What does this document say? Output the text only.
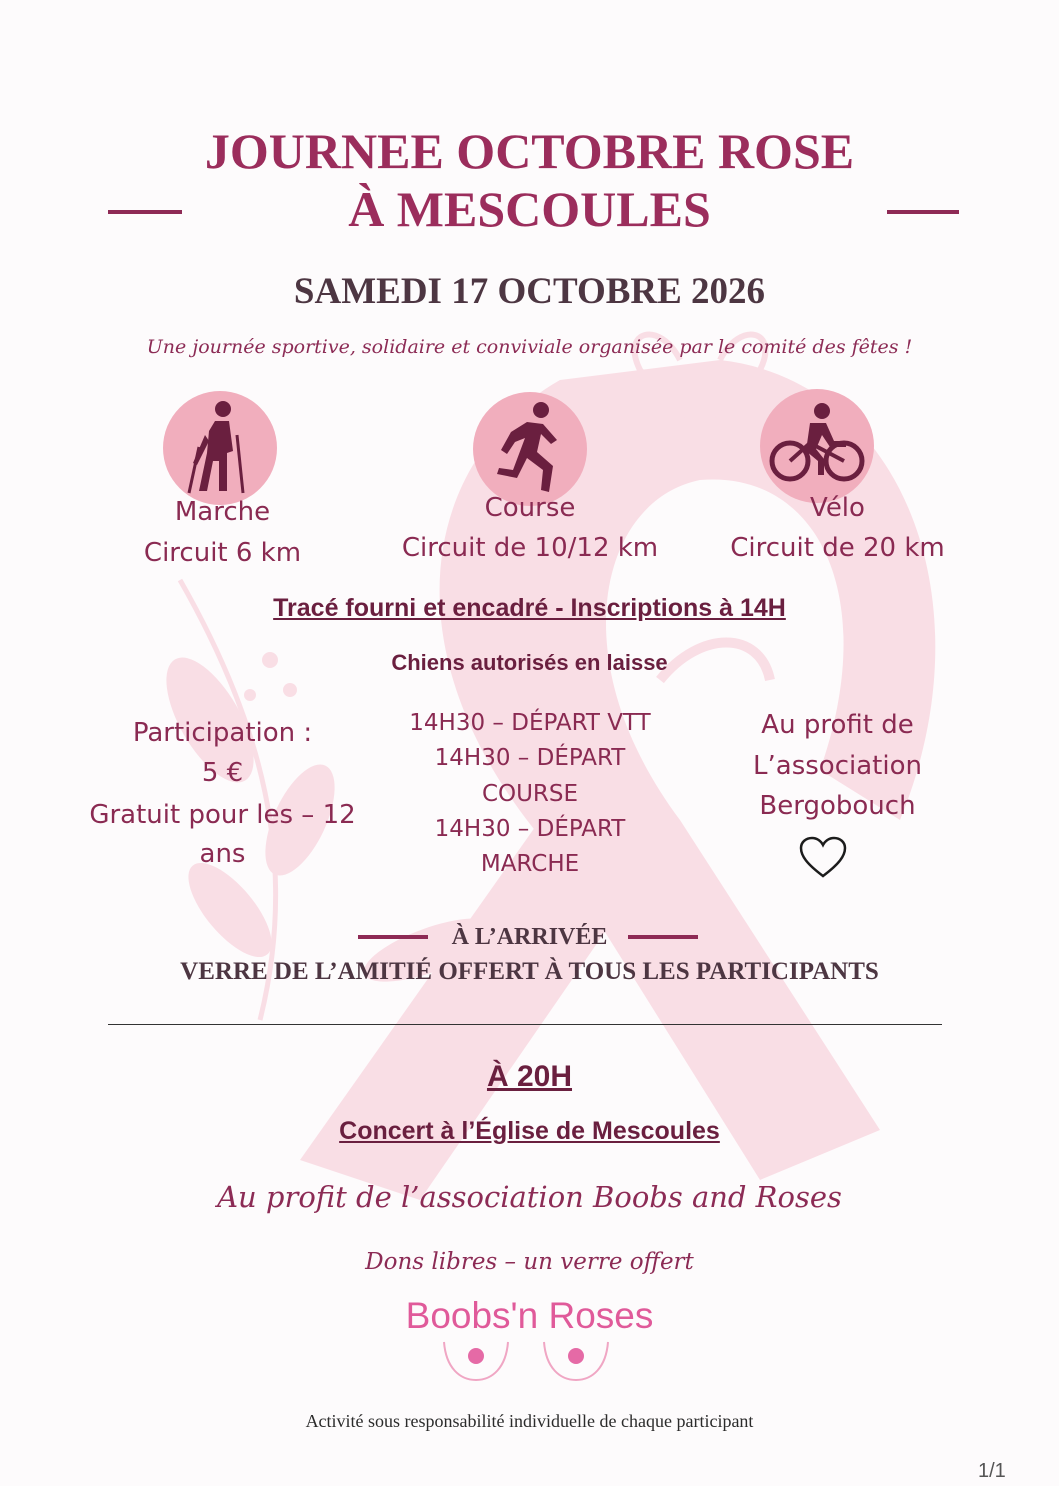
JOURNEE OCTOBRE ROSE
À MESCOULES
SAMEDI 17 OCTOBRE 2026
Une journée sportive, solidaire et conviviale organisée par le comité des fêtes !
Marche
Circuit 6 km
Course
Circuit de 10/12 km
Vélo
Circuit de 20 km
Tracé fourni et encadré - Inscriptions à 14H
Chiens autorisés en laisse
Participation :
5 €
Gratuit pour les – 12
ans
14H30 – DÉPART VTT
14H30 – DÉPART
COURSE
14H30 – DÉPART
MARCHE
Au profit de
L’association
Bergobouch
À L’ARRIVÉE
VERRE DE L’AMITIÉ OFFERT À TOUS LES PARTICIPANTS
À 20H
Concert à l’Église de Mescoules
Au profit de l’association Boobs and Roses
Dons libres – un verre offert
Boobs'n Roses
Activité sous responsabilité individuelle de chaque participant
1/1
